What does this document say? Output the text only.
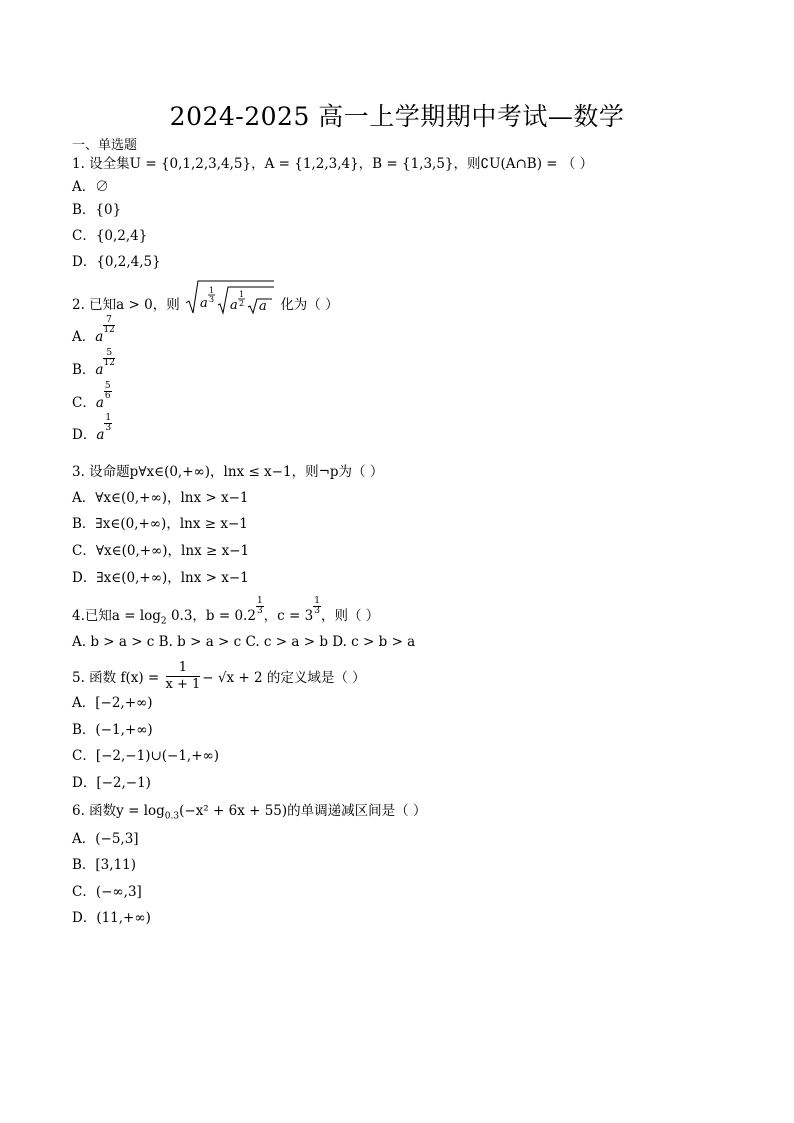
2024-2025 高一上学期期中考试—数学
一、单选题
1. 设全集U = {0,1,2,3,4,5}，A = {1,2,3,4}，B = {1,3,5}，则∁U(A∩B) = （ ）
A．∅
B．{0}
C．{0,2,4}
D．{0,2,4,5}
2. 已知a > 0，则 a
1
3 a
1
2 a 化为（ ）
A．a
$\frac{7}{12}$
B．a
$\frac{5}{12}$
C．a
$\frac{5}{6}$
D．a
$\frac{1}{3}$
3. 设命题p∀x∈(0,+∞)，lnx ≤ x−1，则¬p为（ ）
A．∀x∈(0,+∞)，lnx > x−1
B．∃x∈(0,+∞)，lnx ≥ x−1
C．∀x∈(0,+∞)，lnx ≥ x−1
D．∃x∈(0,+∞)，lnx > x−1
4.已知$a = \log_2 0.3$，$b = 0.2 \frac{1}{3}$ ，$c = 3 \frac{1}{3}$ ，则（ ）
A. b > a > c B. b > a > c C. c > a > b D. c > b > a
5. 函数 $f(x) = \frac{1}{x + 1} - √x + 2$ 的定义域是（ ）
A．[−2,+∞)
B．(−1,+∞)
C．[−2,−1)∪(−1,+∞)
D．[−2,−1)
6. 函数$y = \log_{0.3}(-x^2 + 6x + 55)$的单调递减区间是（ ）
A．(−5,3]
B．[3,11)
C．(−∞,3]
D．(11,+∞)
